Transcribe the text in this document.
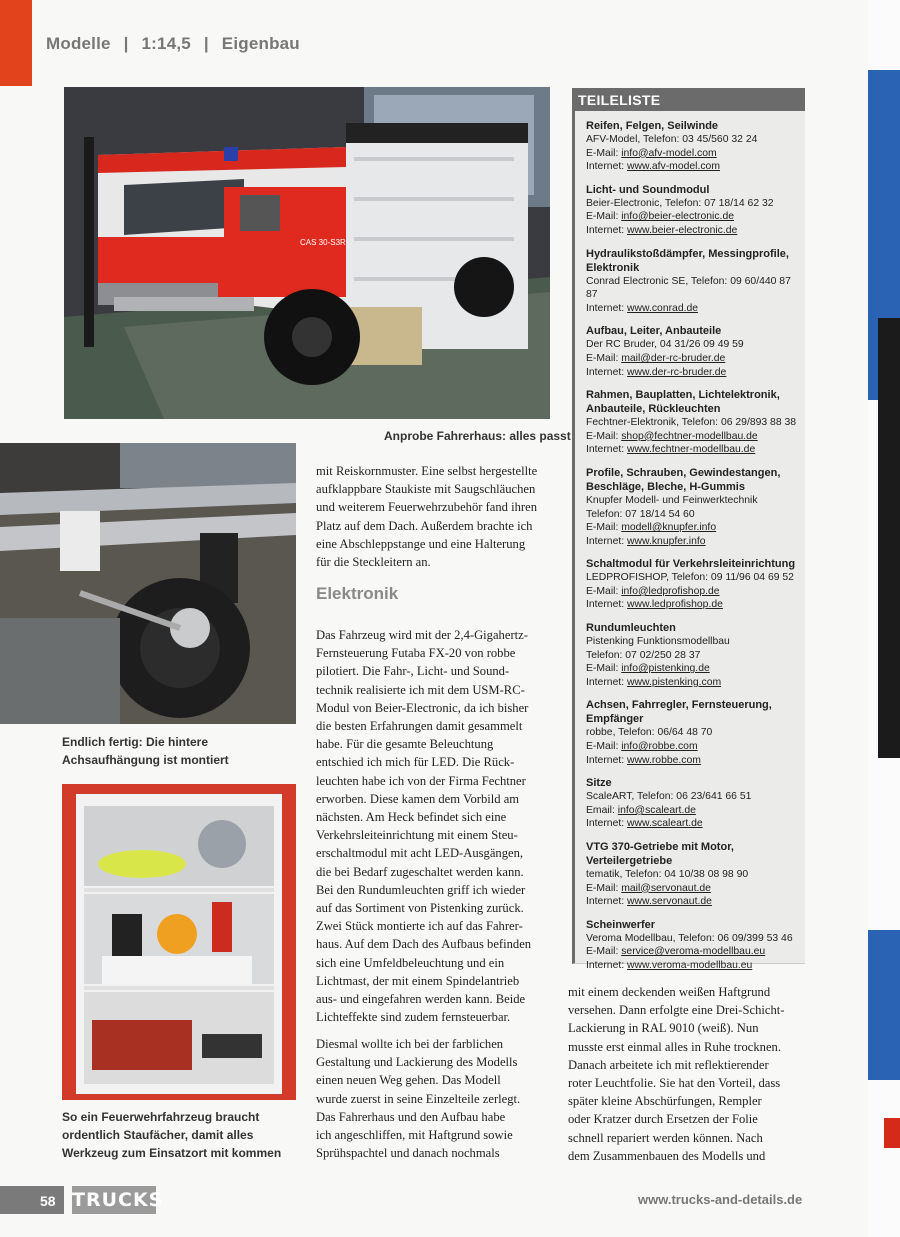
Modelle | 1:14,5 | Eigenbau
CAS 30-S3R
Anprobe Fahrerhaus: alles passt
Endlich fertig: Die hintere
Achsaufhängung ist montiert
So ein Feuerwehrfahrzeug braucht
ordentlich Staufächer, damit alles
Werkzeug zum Einsatzort mit kommen
mit Reiskornmuster. Eine selbst hergestellte
aufklappbare Staukiste mit Saugschläuchen
und weiterem Feuerwehrzubehör fand ihren
Platz auf dem Dach. Außerdem brachte ich
eine Abschleppstange und eine Halterung
für die Steckleitern an.
Elektronik
Das Fahrzeug wird mit der 2,4-Gigahertz-
Fernsteuerung Futaba FX-20 von robbe
pilotiert. Die Fahr-, Licht- und Sound-
technik realisierte ich mit dem USM-RC-
Modul von Beier-Electronic, da ich bisher
die besten Erfahrungen damit gesammelt
habe. Für die gesamte Beleuchtung
entschied ich mich für LED. Die Rück-
leuchten habe ich von der Firma Fechtner
erworben. Diese kamen dem Vorbild am
nächsten. Am Heck befindet sich eine
Verkehrsleiteinrichtung mit einem Steu-
erschaltmodul mit acht LED-Ausgängen,
die bei Bedarf zugeschaltet werden kann.
Bei den Rundumleuchten griff ich wieder
auf das Sortiment von Pistenking zurück.
Zwei Stück montierte ich auf das Fahrer-
haus. Auf dem Dach des Aufbaus befinden
sich eine Umfeldbeleuchtung und ein
Lichtmast, der mit einem Spindelantrieb
aus- und eingefahren werden kann. Beide
Lichteffekte sind zudem fernsteuerbar.
Diesmal wollte ich bei der farblichen
Gestaltung und Lackierung des Modells
einen neuen Weg gehen. Das Modell
wurde zuerst in seine Einzelteile zerlegt.
Das Fahrerhaus und den Aufbau habe
ich angeschliffen, mit Haftgrund sowie
Sprühspachtel und danach nochmals
mit einem deckenden weißen Haftgrund
versehen. Dann erfolgte eine Drei-Schicht-
Lackierung in RAL 9010 (weiß). Nun
musste erst einmal alles in Ruhe trocknen.
Danach arbeitete ich mit reflektierender
roter Leuchtfolie. Sie hat den Vorteil, dass
später kleine Abschürfungen, Rempler
oder Kratzer durch Ersetzen der Folie
schnell repariert werden können. Nach
dem Zusammenbauen des Modells und
TEILELISTE
Reifen, Felgen, Seilwinde
AFV-Model, Telefon: 03 45/560 32 24
E-Mail: info@afv-model.com
Internet: www.afv-model.com
Licht- und Soundmodul
Beier-Electronic, Telefon: 07 18/14 62 32
E-Mail: info@beier-electronic.de
Internet: www.beier-electronic.de
Hydraulikstoßdämpfer, Messingprofile, Elektronik
Conrad Electronic SE, Telefon: 09 60/440 87 87
Internet: www.conrad.de
Aufbau, Leiter, Anbauteile
Der RC Bruder, 04 31/26 09 49 59
E-Mail: mail@der-rc-bruder.de
Internet: www.der-rc-bruder.de
Rahmen, Bauplatten, Lichtelektronik, Anbauteile, Rückleuchten
Fechtner-Elektronik, Telefon: 06 29/893 88 38
E-Mail: shop@fechtner-modellbau.de
Internet: www.fechtner-modellbau.de
Profile, Schrauben, Gewindestangen, Beschläge, Bleche, H-Gummis
Knupfer Modell- und Feinwerktechnik
Telefon: 07 18/14 54 60
E-Mail: modell@knupfer.info
Internet: www.knupfer.info
Schaltmodul für Verkehrsleiteinrichtung
LEDPROFISHOP, Telefon: 09 11/96 04 69 52
E-Mail: info@ledprofishop.de
Internet: www.ledprofishop.de
Rundumleuchten
Pistenking Funktionsmodellbau
Telefon: 07 02/250 28 37
E-Mail: info@pistenking.de
Internet: www.pistenking.com
Achsen, Fahrregler, Fernsteuerung, Empfänger
robbe, Telefon: 06/64 48 70
E-Mail: info@robbe.com
Internet: www.robbe.com
Sitze
ScaleART, Telefon: 06 23/641 66 51
Email: info@scaleart.de
Internet: www.scaleart.de
VTG 370-Getriebe mit Motor, Verteilergetriebe
tematik, Telefon: 04 10/38 08 98 90
E-Mail: mail@servonaut.de
Internet: www.servonaut.de
Scheinwerfer
Veroma Modellbau, Telefon: 06 09/399 53 46
E-Mail: service@veroma-modellbau.eu
Internet: www.veroma-modellbau.eu
58 TRUCKS	www.trucks-and-details.de
